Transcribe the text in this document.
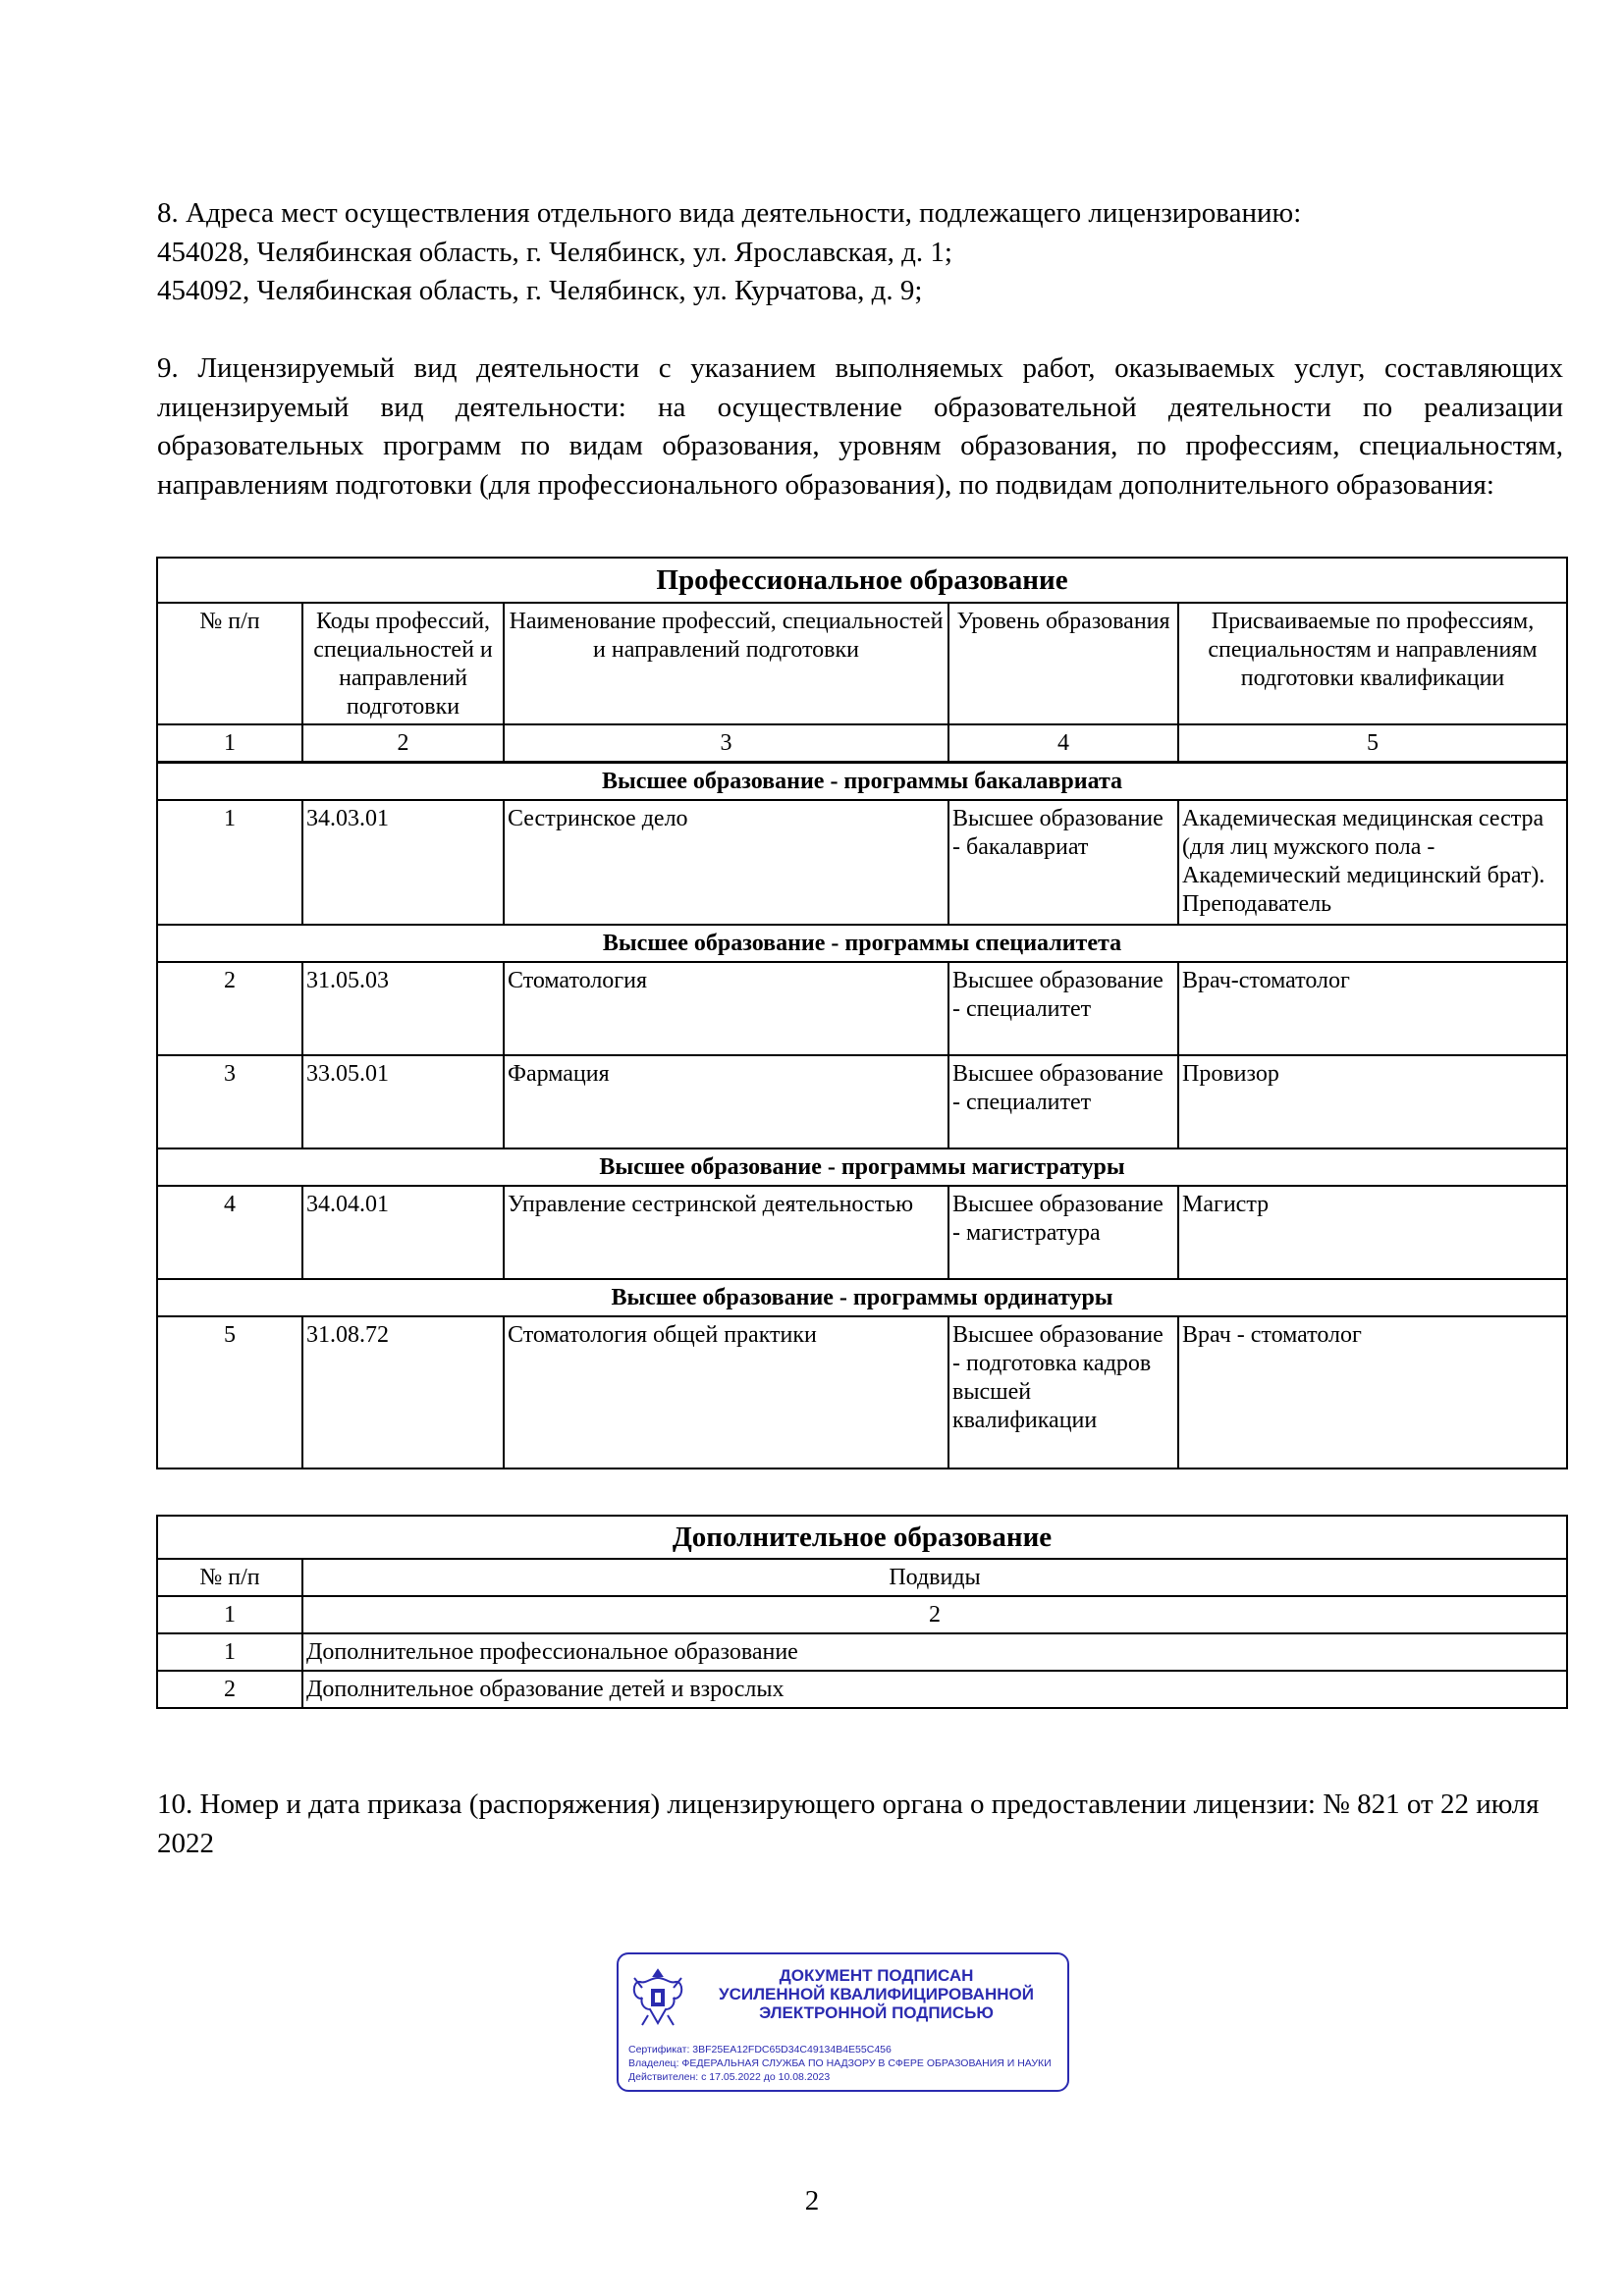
8. Адреса мест осуществления отдельного вида деятельности, подлежащего лицензированию:

454028, Челябинская область, г. Челябинск, ул. Ярославская, д. 1;

454092, Челябинская область, г. Челябинск, ул. Курчатова, д. 9;

9. Лицензируемый вид деятельности с указанием выполняемых работ, оказываемых услуг, составляющих лицензируемый вид деятельности: на осуществление образовательной деятельности по реализации образовательных программ по видам образования, уровням образования, по профессиям, специальностям, направлениям подготовки (для профессионального образования), по подвидам дополнительного образования:

Профессиональное образование				
№ п/п	Коды профессий, специальностей и направлений подготовки	Наименование профессий, специальностей и направлений подготовки	Уровень образования	Присваиваемые по профессиям, специальностям и направлениям подготовки квалификации
1	2	3	4	5
Высшее образование - программы бакалавриата				
1	34.03.01	Сестринское дело	Высшее образование - бакалавриат	Академическая медицинская сестра (для лиц мужского пола - Академический медицинский брат). Преподаватель
Высшее образование - программы специалитета				
2	31.05.03	Стоматология	Высшее образование - специалитет	Врач-стоматолог
3	33.05.01	Фармация	Высшее образование - специалитет	Провизор
Высшее образование - программы магистратуры				
4	34.04.01	Управление сестринской деятельностью	Высшее образование - магистратура	Магистр
Высшее образование - программы ординатуры				
5	31.08.72	Стоматология общей практики	Высшее образование - подготовка кадров высшей квалификации	Врач - стоматолог
Дополнительное образование	
№ п/п	Подвиды
1	2
1	Дополнительное профессиональное образование
2	Дополнительное образование детей и взрослых

10. Номер и дата приказа (распоряжения) лицензирующего органа о предоставлении лицензии: № 821 от 22 июля 2022

ДОКУМЕНТ ПОДПИСАН
УСИЛЕННОЙ КВАЛИФИЦИРОВАННОЙ
ЭЛЕКТРОННОЙ ПОДПИСЬЮ
Сертификат: 3BF25EA12FDC65D34C49134B4E55C456
Владелец: ФЕДЕРАЛЬНАЯ СЛУЖБА ПО НАДЗОРУ В СФЕРЕ ОБРАЗОВАНИЯ И НАУКИ
Действителен: с 17.05.2022 до 10.08.2023
2
